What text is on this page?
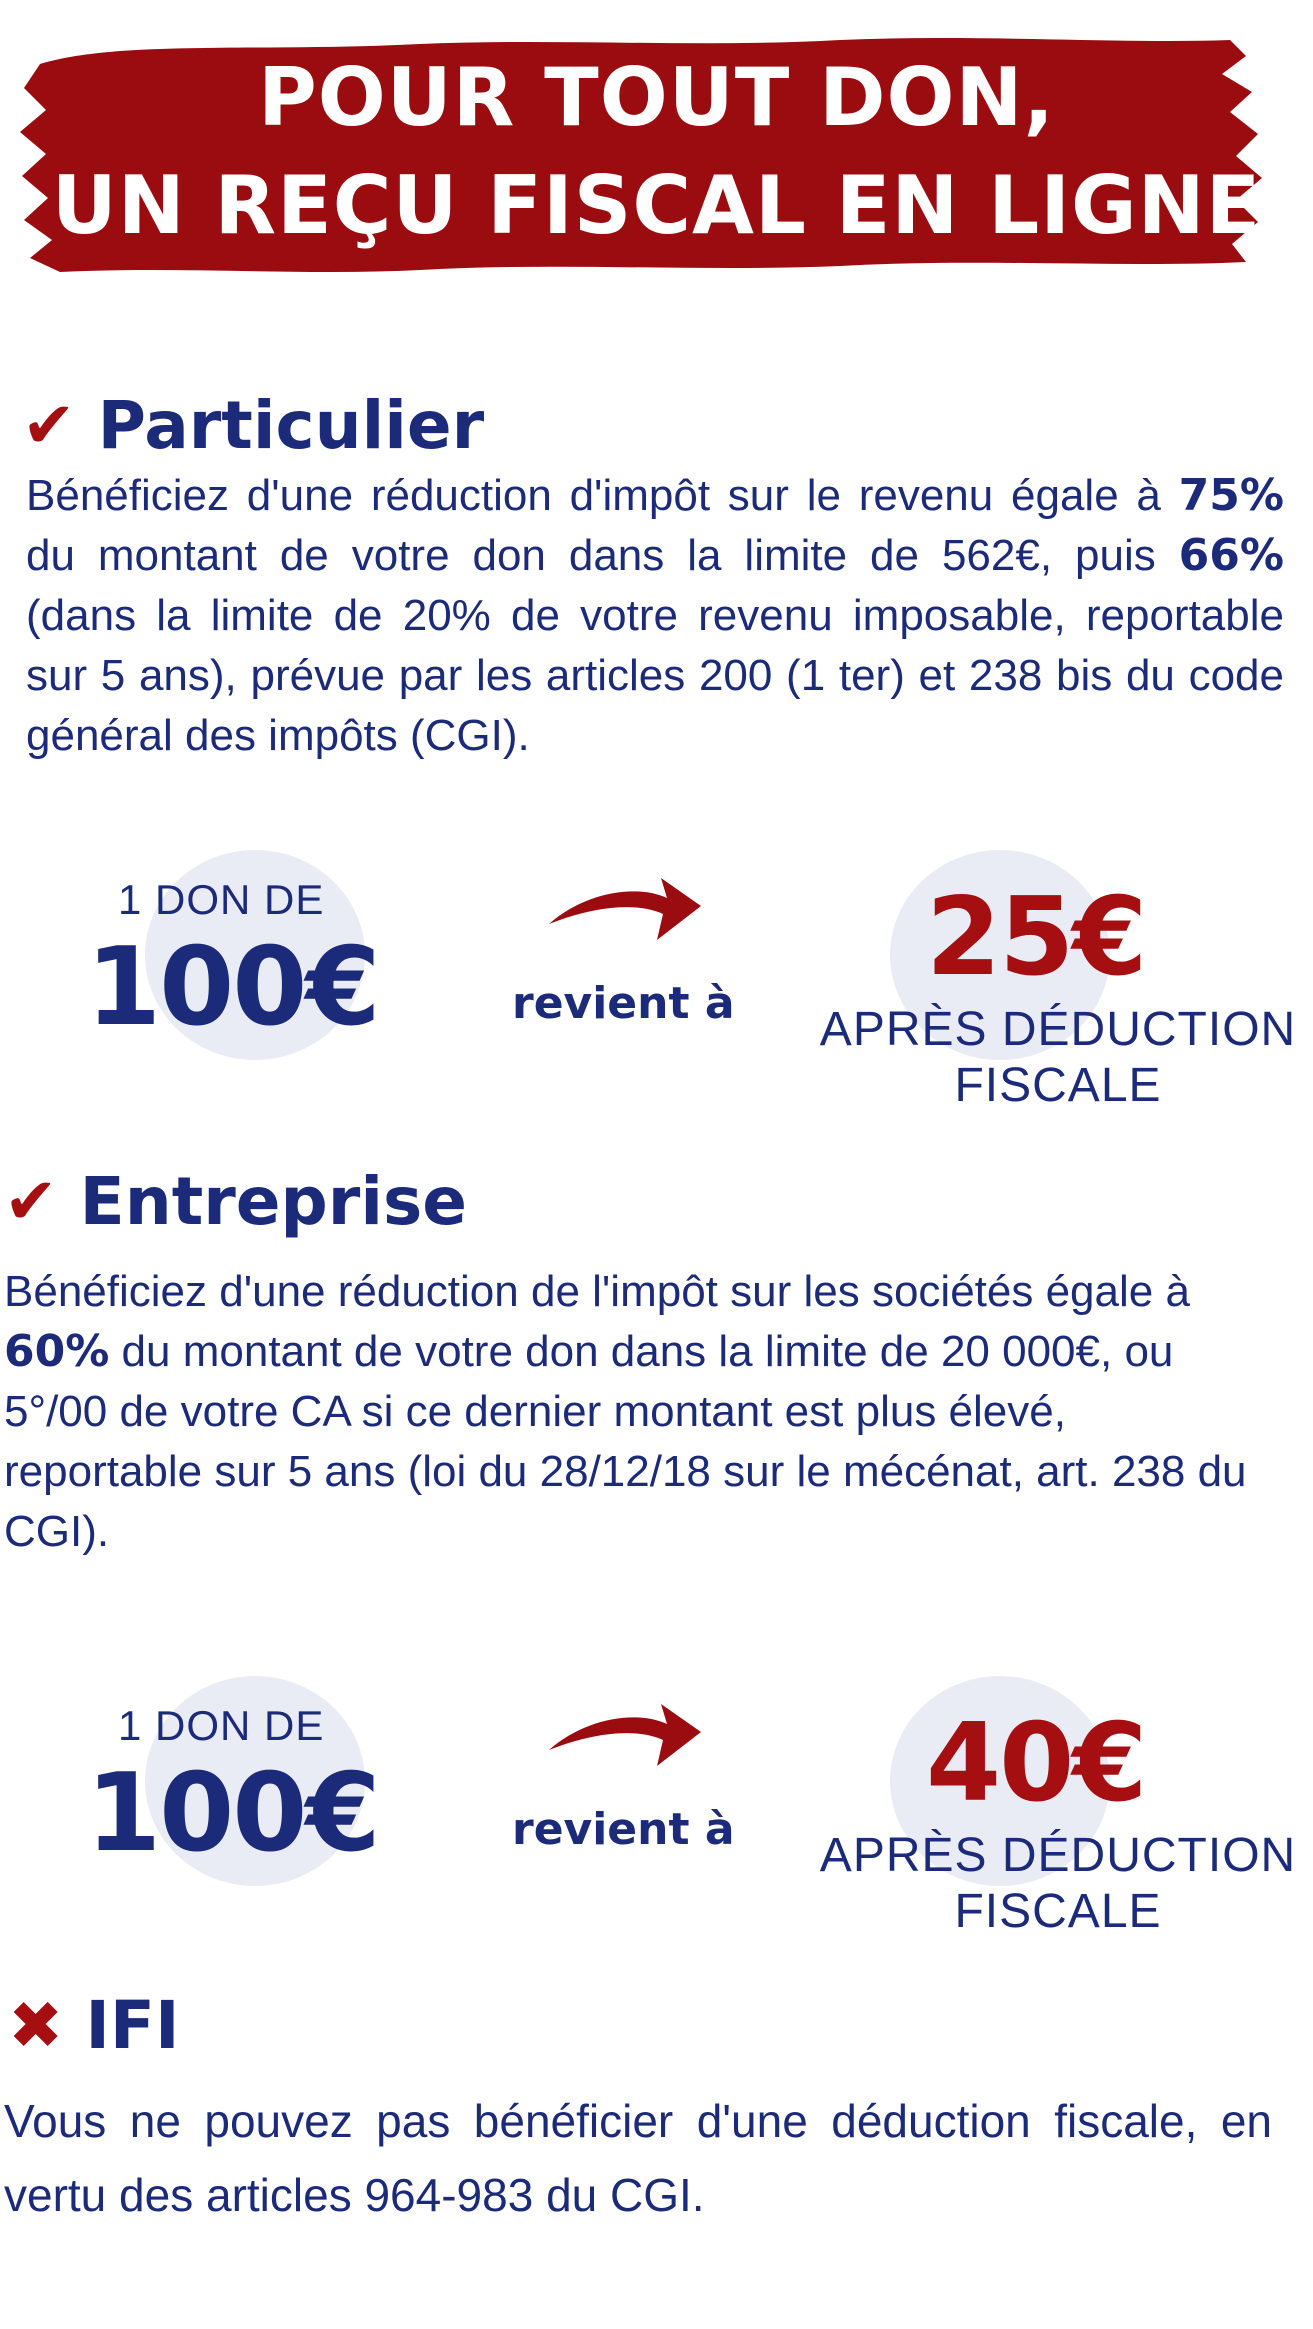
POUR TOUT DON,
UN REÇU FISCAL EN LIGNE
✔ Particulier

Bénéficiez d'une réduction d'impôt sur le revenu égale à 75% du montant de votre don dans la limite de 562€, puis 66% (dans la limite de 20% de votre revenu imposable, reportable sur 5 ans), prévue par les articles 200 (1 ter) et 238 bis du code général des impôts (CGI).

1 DON DE
100€	revient à
25€
APRÈS DÉDUCTION
FISCALE
✔ Entreprise

Bénéficiez d'une réduction de l'impôt sur les sociétés égale à 60% du montant de votre don dans la limite de 20 000€, ou 5°/00 de votre CA si ce dernier montant est plus élevé, reportable sur 5 ans (loi du 28/12/18 sur le mécénat, art. 238 du CGI).

1 DON DE
100€	revient à
40€
APRÈS DÉDUCTION
FISCALE
✖ IFI

Vous ne pouvez pas bénéficier d'une déduction fiscale, en vertu des articles 964-983 du CGI.
